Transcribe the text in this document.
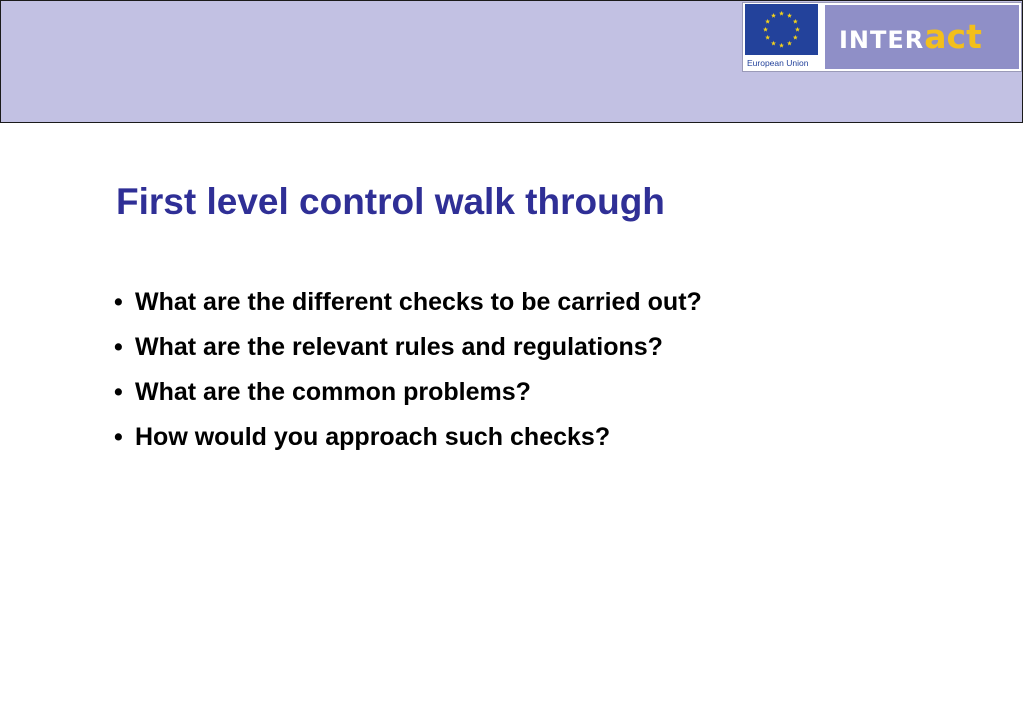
European Union
INTERact
First level control walk through
• What are the different checks to be carried out?
• What are the relevant rules and regulations?
• What are the common problems?
• How would you approach such checks?
